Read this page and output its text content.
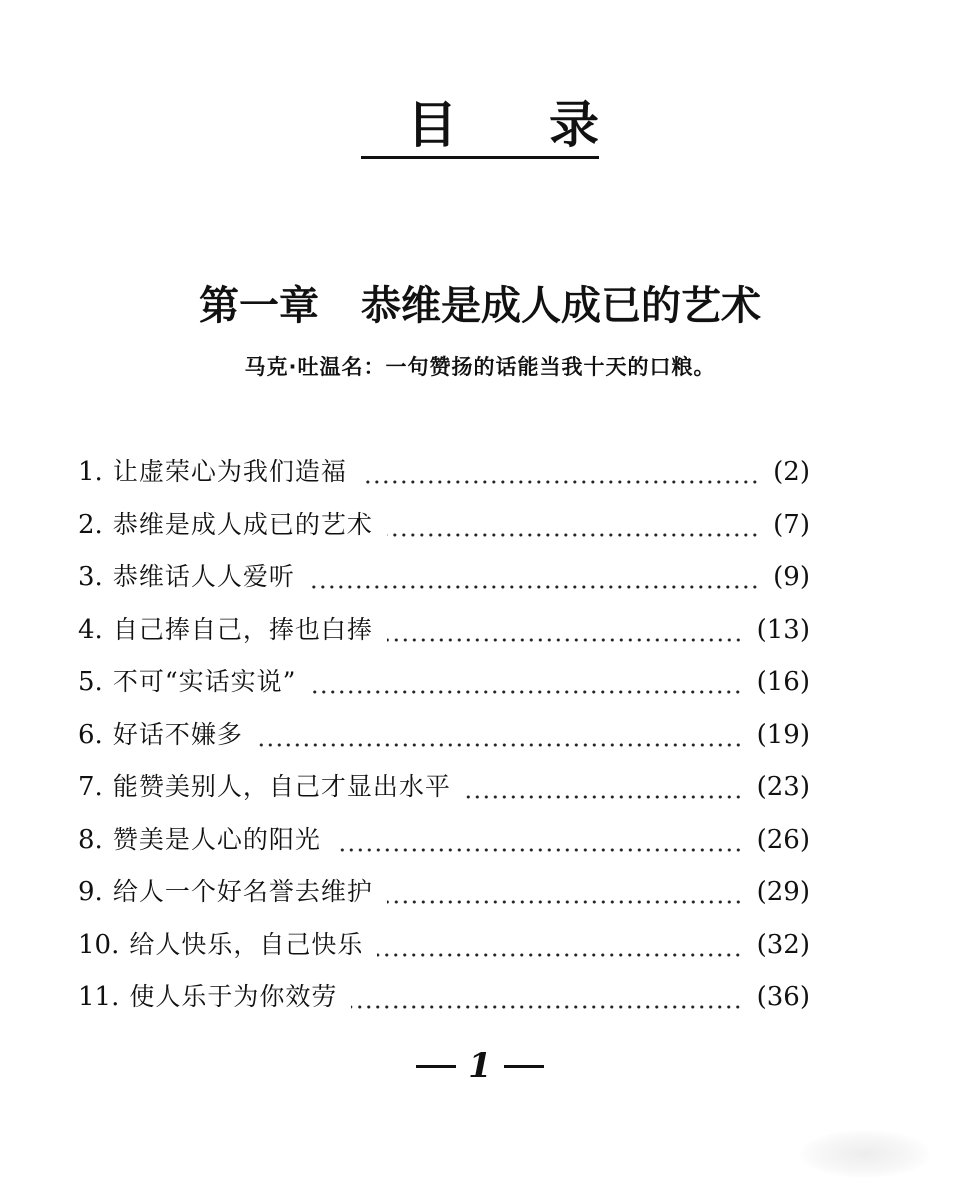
目 录
第一章 恭维是成人成已的艺术
马克·吐温名：一句赞扬的话能当我十天的口粮。
1. 让虚荣心为我们造福	(2)
2. 恭维是成人成已的艺术	(7)
3. 恭维话人人爱听	(9)
4. 自己捧自己，捧也白捧	(13)
5. 不可“实话实说”	(16)
6. 好话不嫌多	(19)
7. 能赞美别人，自己才显出水平	(23)
8. 赞美是人心的阳光	(26)
9. 给人一个好名誉去维护	(29)
10. 给人快乐，自己快乐	(32)
11. 使人乐于为你效劳	(36)
1
